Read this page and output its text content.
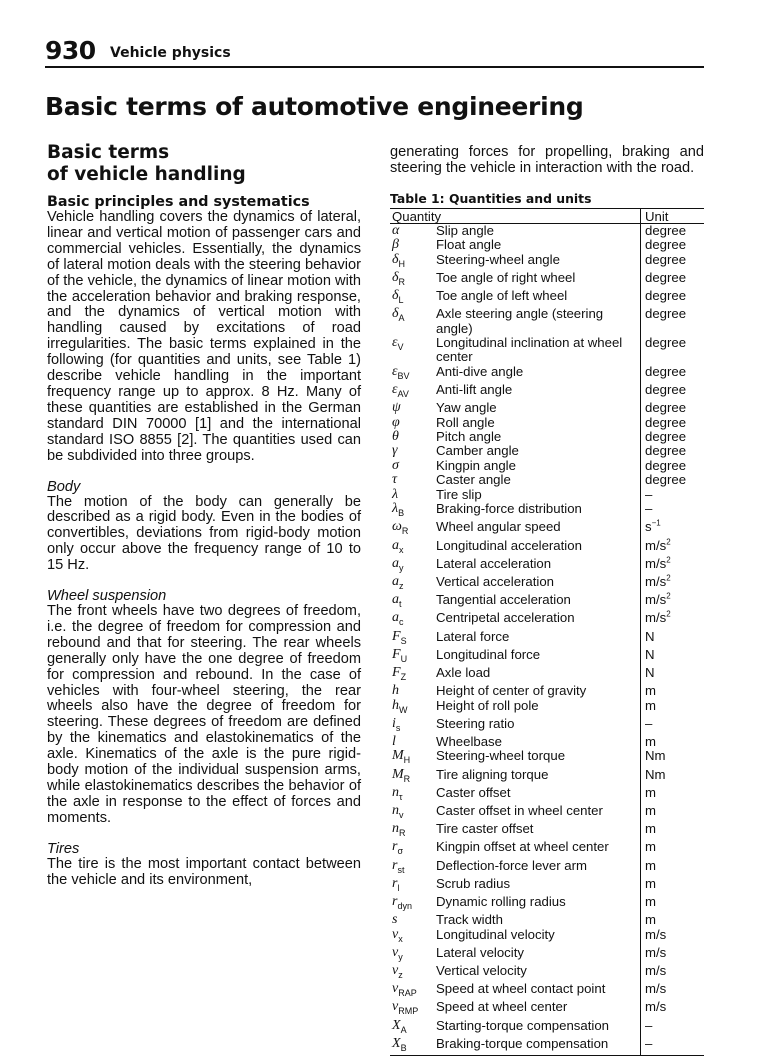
930 Vehicle physics
Basic terms of automotive engineering
Basic terms
of vehicle handling
Basic principles and systematics

Vehicle handling covers the dynamics of lateral, linear and vertical motion of passenger cars and commercial vehicles. Essentially, the dynamics of lateral motion deals with the steering behavior of the vehicle, the dynamics of linear motion with the acceleration behavior and braking response, and the dynamics of vertical motion with handling caused by excitations of road irregularities. The basic terms explained in the following (for quantities and units, see Table 1) describe vehicle handling in the important frequency range up to approx. 8 Hz. Many of these quantities are established in the German standard DIN 70000 [1] and the international standard ISO 8855 [2]. The quantities used can be subdivided into three groups.

Body

The motion of the body can generally be described as a rigid body. Even in the bodies of convertibles, deviations from rigid-body motion only occur above the frequency range of 10 to 15 Hz.

Wheel suspension

The front wheels have two degrees of freedom, i.e. the degree of freedom for compression and rebound and that for steering. The rear wheels generally only have the one degree of freedom for compression and rebound. In the case of vehicles with four-wheel steering, the rear wheels also have the degree of freedom for steering. These degrees of freedom are defined by the kinematics and elastokinematics of the axle. Kinematics of the axle is the pure rigid-body motion of the individual suspension arms, while elastokinematics describes the behavior of the axle in response to the effect of forces and moments.

Tires

The tire is the most important contact between the vehicle and its environment,

generating forces for propelling, braking and steering the vehicle in interaction with the road.

Table 1: Quantities and units
Quantity		Unit
α	Slip angle	degree
β	Float angle	degree
$\delta_H$	Steering-wheel angle	degree
$\delta_R$	Toe angle of right wheel	degree
$\delta_L$	Toe angle of left wheel	degree
$\delta_A$	Axle steering angle (steering angle)	degree
$\varepsilon_V$	Longitudinal inclination at wheel center	degree
$\varepsilon_{BV}$	Anti-dive angle	degree
$\varepsilon_{AV}$	Anti-lift angle	degree
ψ	Yaw angle	degree
φ	Roll angle	degree
θ	Pitch angle	degree
γ	Camber angle	degree
σ	Kingpin angle	degree
τ	Caster angle	degree
λ	Tire slip	–
$\lambda_B$	Braking-force distribution	–
$\omega_R$	Wheel angular speed	$s^{-1}$
$a_x$	Longitudinal acceleration	$m/s^2$
$a_y$	Lateral acceleration	$m/s^2$
$a_z$	Vertical acceleration	$m/s^2$
$a_t$	Tangential acceleration	$m/s^2$
$a_c$	Centripetal acceleration	$m/s^2$
$F_S$	Lateral force	N
$F_U$	Longitudinal force	N
$F_Z$	Axle load	N
h	Height of center of gravity	m
$h_W$	Height of roll pole	m
$i_s$	Steering ratio	–
l	Wheelbase	m
$M_H$	Steering-wheel torque	Nm
$M_R$	Tire aligning torque	Nm
$n_\tau$	Caster offset	m
$n_v$	Caster offset in wheel center	m
$n_R$	Tire caster offset	m
$r_\sigma$	Kingpin offset at wheel center	m
$r_{st}$	Deflection-force lever arm	m
$r_l$	Scrub radius	m
$r_{dyn}$	Dynamic rolling radius	m
s	Track width	m
$v_x$	Longitudinal velocity	m/s
$v_y$	Lateral velocity	m/s
$v_z$	Vertical velocity	m/s
$v_{RAP}$	Speed at wheel contact point	m/s
$v_{RMP}$	Speed at wheel center	m/s
$X_A$	Starting-torque compensation	–
$X_B$	Braking-torque compensation	–
